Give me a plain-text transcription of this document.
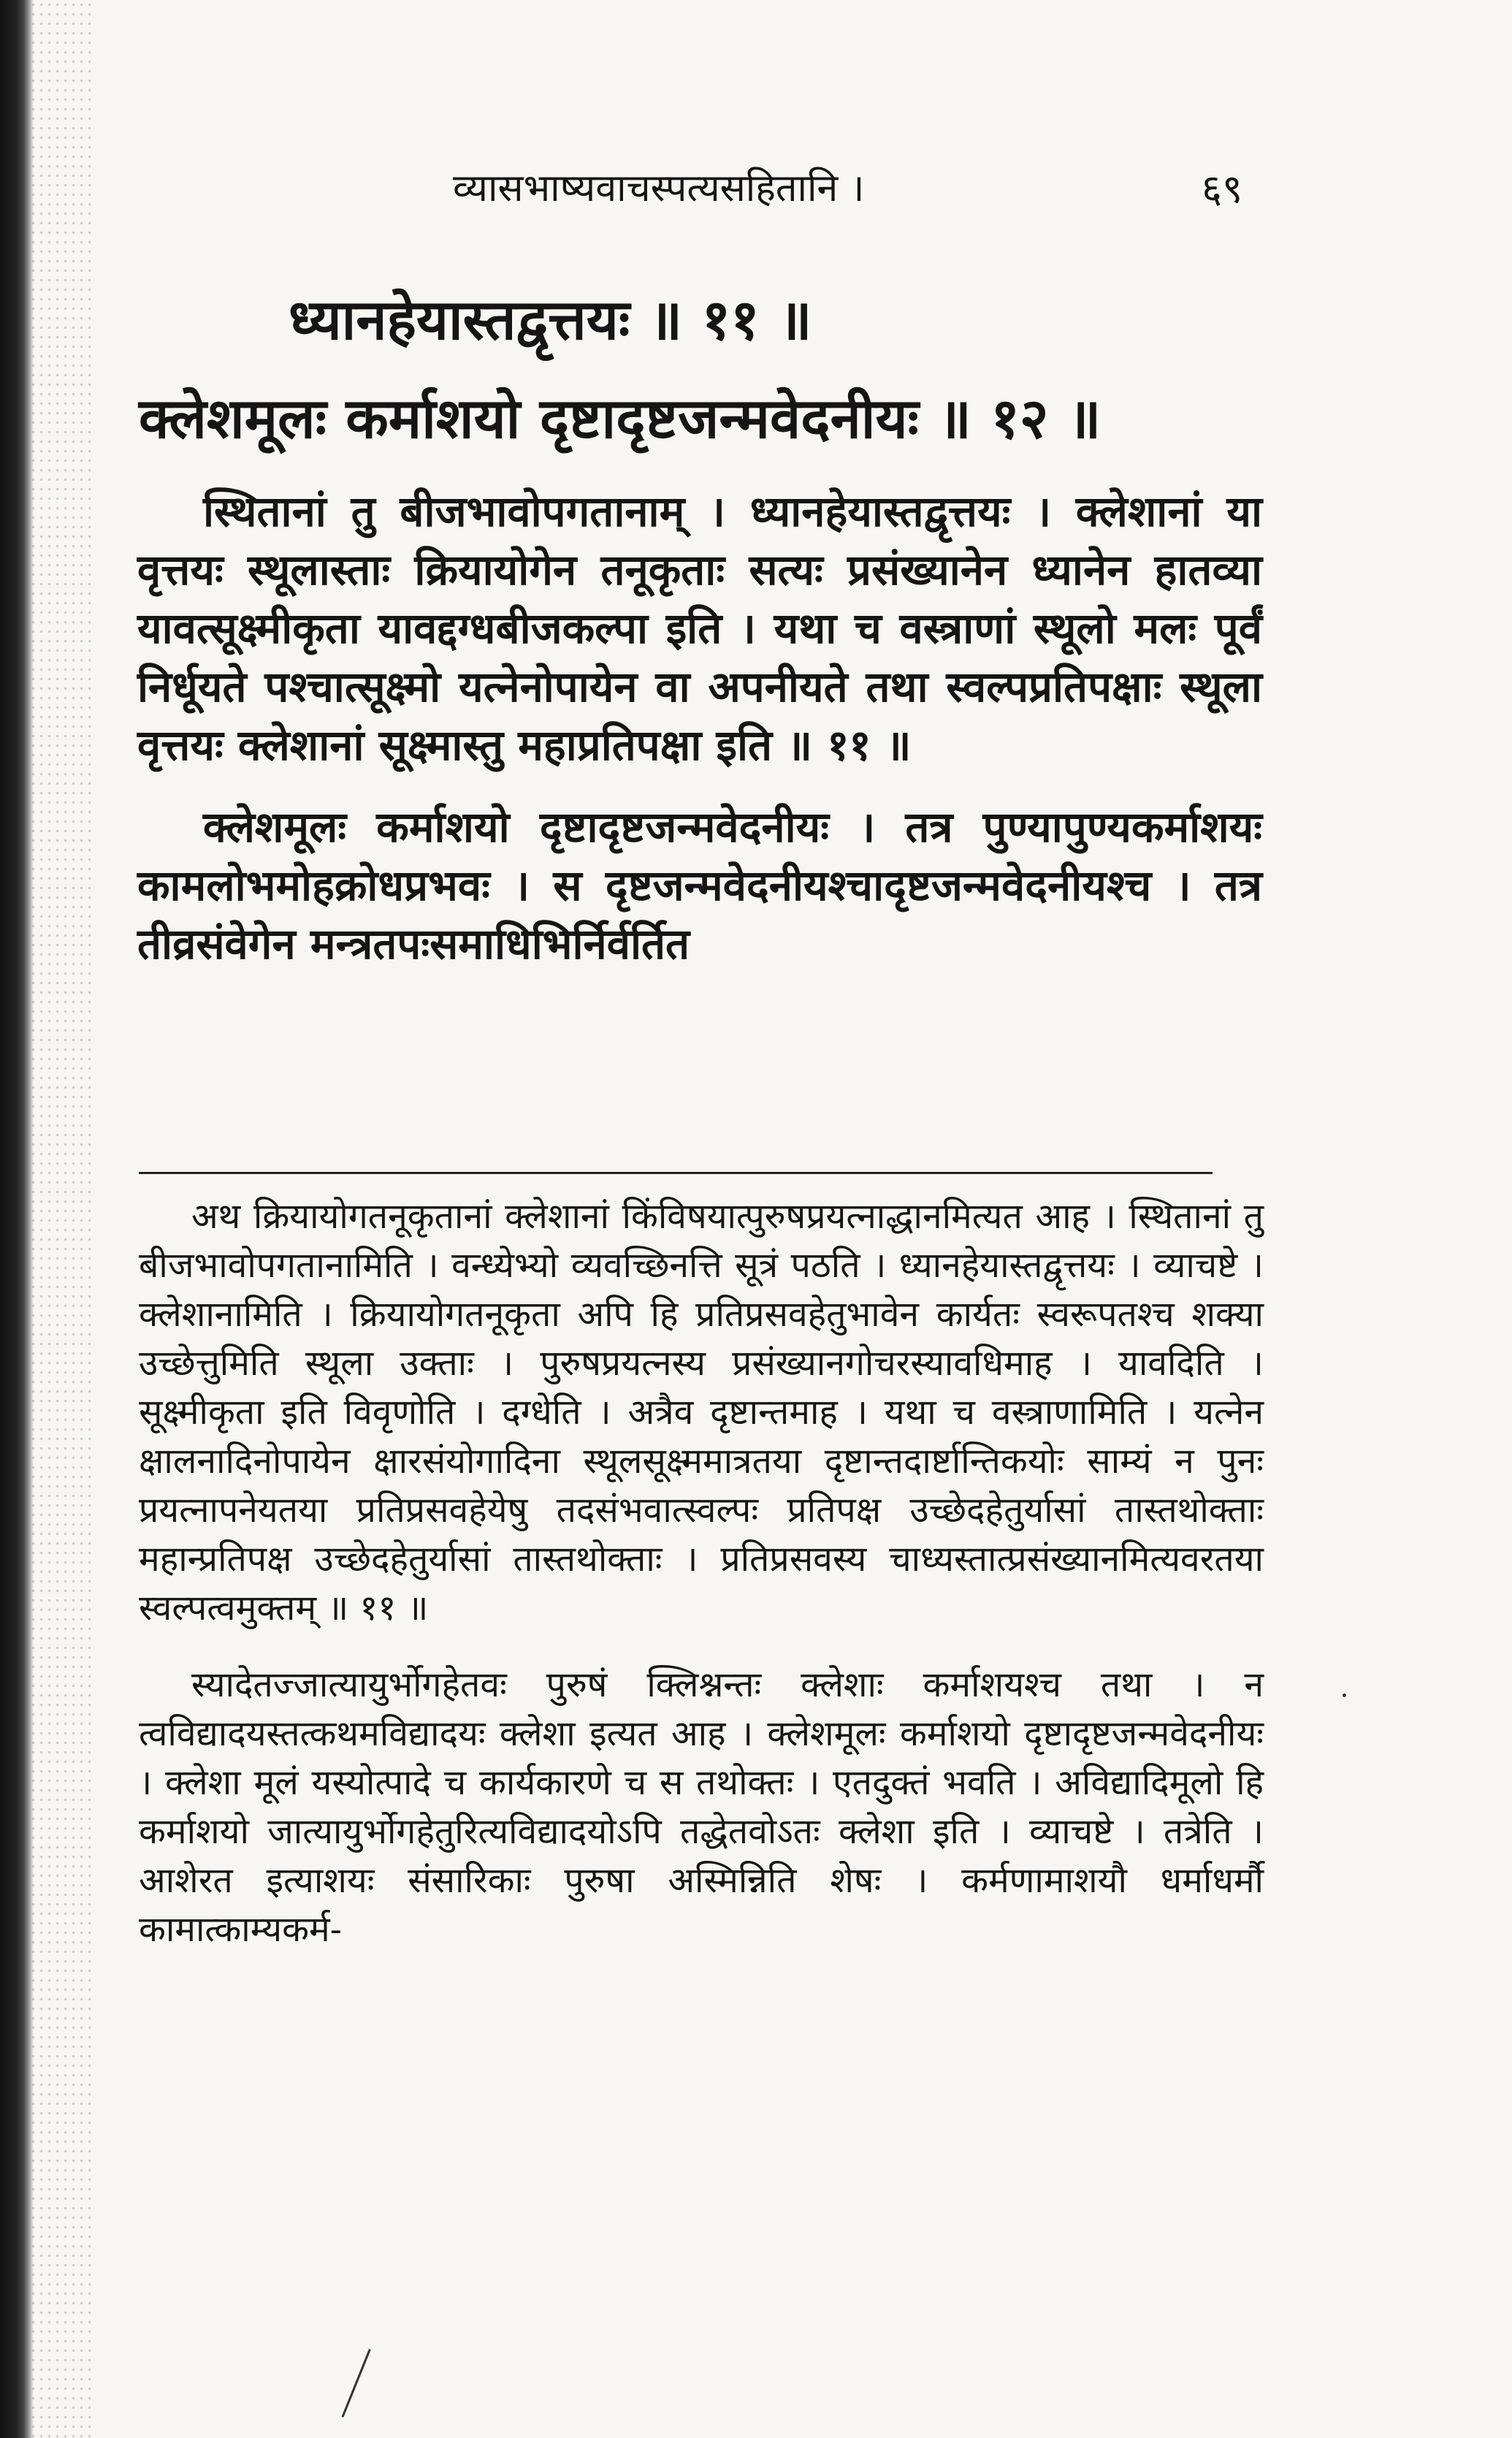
व्यासभाष्यवाचस्पत्यसहितानि ।	६९
ध्यानहेयास्तद्वृत्तयः ॥ ११ ॥
क्लेशमूलः कर्माशयो दृष्टादृष्टजन्मवेदनीयः ॥ १२ ॥

स्थितानां तु बीजभावोपगतानाम् । ध्यानहेयास्तद्वृत्तयः । क्लेशानां या वृत्तयः स्थूलास्ताः क्रियायोगेन तनूकृताः सत्यः प्रसंख्यानेन ध्यानेन हातव्या यावत्सूक्ष्मीकृता यावद्दग्धबीजकल्पा इति । यथा च वस्त्राणां स्थूलो मलः पूर्वं निर्धूयते पश्चात्सूक्ष्मो यत्नेनोपायेन वा अपनीयते तथा स्वल्पप्रतिपक्षाः स्थूला वृत्तयः क्लेशानां सूक्ष्मास्तु महाप्रतिपक्षा इति ॥ ११ ॥

क्लेशमूलः कर्माशयो दृष्टादृष्टजन्मवेदनीयः । तत्र पुण्यापुण्यकर्माशयः कामलोभमोहक्रोधप्रभवः । स दृष्टजन्मवेदनीयश्चादृष्टजन्मवेदनीयश्च । तत्र तीव्रसंवेगेन मन्त्रतपःसमाधिभिर्निर्वर्तित

अथ क्रियायोगतनूकृतानां क्लेशानां किंविषयात्पुरुषप्रयत्नाद्धानमित्यत आह । स्थितानां तु बीजभावोपगतानामिति । वन्ध्येभ्यो व्यवच्छिनत्ति सूत्रं पठति । ध्यानहेयास्तद्वृत्तयः । व्याचष्टे । क्लेशानामिति । क्रियायोगतनूकृता अपि हि प्रतिप्रसवहेतुभावेन कार्यतः स्वरूपतश्च शक्या उच्छेत्तुमिति स्थूला उक्ताः । पुरुषप्रयत्नस्य प्रसंख्यानगोचरस्यावधिमाह । यावदिति । सूक्ष्मीकृता इति विवृणोति । दग्धेति । अत्रैव दृष्टान्तमाह । यथा च वस्त्राणामिति । यत्नेन क्षालनादिनोपायेन क्षारसंयोगादिना स्थूलसूक्ष्ममात्रतया दृष्टान्तदार्ष्टान्तिकयोः साम्यं न पुनः प्रयत्नापनेयतया प्रतिप्रसवहेयेषु तदसंभवात्स्वल्पः प्रतिपक्ष उच्छेदहेतुर्यासां तास्तथोक्ताः महान्प्रतिपक्ष उच्छेदहेतुर्यासां तास्तथोक्ताः । प्रतिप्रसवस्य चाध्यस्तात्प्रसंख्यानमित्यवरतया स्वल्पत्वमुक्तम् ॥ ११ ॥

स्यादेतज्जात्यायुर्भोगहेतवः पुरुषं क्लिश्नन्तः क्लेशाः कर्माशयश्च तथा । न त्वविद्यादयस्तत्कथमविद्यादयः क्लेशा इत्यत आह । क्लेशमूलः कर्माशयो दृष्टादृष्टजन्मवेदनीयः । क्लेशा मूलं यस्योत्पादे च कार्यकारणे च स तथोक्तः । एतदुक्तं भवति । अविद्यादिमूलो हि कर्माशयो जात्यायुर्भोगहेतुरित्यविद्यादयोऽपि तद्धेतवोऽतः क्लेशा इति । व्याचष्टे । तत्रेति । आशेरत इत्याशयः संसारिकाः पुरुषा अस्मिन्निति शेषः । कर्मणामाशयौ धर्माधर्मौ कामात्काम्यकर्म-
